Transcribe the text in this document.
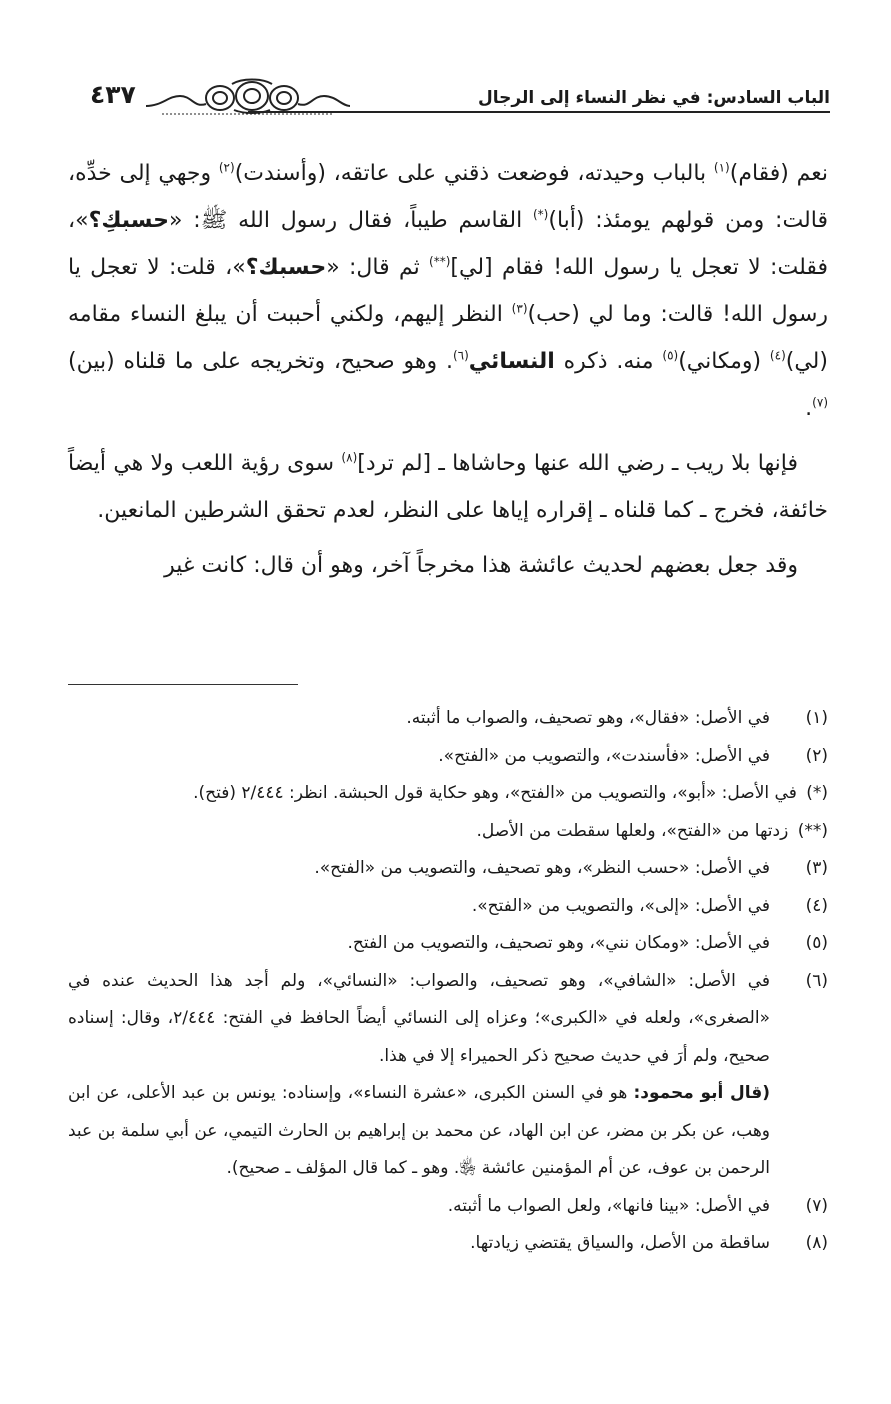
الباب السادس: في نظر النساء إلى الرجال
٤٣٧

نعم (فقام)$^{(١)}$ بالباب وحيدته، فوضعت ذقني على عاتقه، (وأسندت)$^{(٢)}$ وجهي إلى خدِّه، قالت: ومن قولهم يومئذ: (أبا)(*) القاسم طيباً، فقال رسول الله ﷺ: «حسبكِ؟»، فقلت: لا تعجل يا رسول الله! فقام [لي](**) ثم قال: «حسبك؟»، قلت: لا تعجل يا رسول الله! قالت: وما لي (حب)$^{(٣)}$ النظر إليهم، ولكني أحببت أن يبلغ النساء مقامه (لي)$^{(٤)}$ (ومكاني)$^{(٥)}$ منه. ذكره النسائي$^{(٦)}$. وهو صحيح، وتخريجه على ما قلناه (بين)$^{(٧)}$.

فإنها بلا ريب ـ رضي الله عنها وحاشاها ـ [لم ترد]$^{(٨)}$ سوى رؤية اللعب ولا هي أيضاً خائفة، فخرج ـ كما قلناه ـ إقراره إياها على النظر، لعدم تحقق الشرطين المانعين.

وقد جعل بعضهم لحديث عائشة هذا مخرجاً آخر، وهو أن قال: كانت غير

(١)
في الأصل: «فقال»، وهو تصحيف، والصواب ما أثبته.
(٢)
في الأصل: «فأسندت»، والتصويب من «الفتح».
(*) في الأصل: «أبو»، والتصويب من «الفتح»، وهو حكاية قول الحبشة. انظر: ٢/٤٤٤ (فتح).
(**) زدتها من «الفتح»، ولعلها سقطت من الأصل.
(٣)
في الأصل: «حسب النظر»، وهو تصحيف، والتصويب من «الفتح».
(٤)
في الأصل: «إلى»، والتصويب من «الفتح».
(٥)
في الأصل: «ومكان نني»، وهو تصحيف، والتصويب من الفتح.
(٦)
في الأصل: «الشافي»، وهو تصحيف، والصواب: «النسائي»، ولم أجد هذا الحديث عنده في «الصغرى»، ولعله في «الكبرى»؛ وعزاه إلى النسائي أيضاً الحافظ في الفتح: ٢/٤٤٤، وقال: إسناده صحيح، ولم أرَ في حديث صحيح ذكر الحميراء إلا في هذا.
(قال أبو محمود: هو في السنن الكبرى، «عشرة النساء»، وإسناده: يونس بن عبد الأعلى، عن ابن وهب، عن بكر بن مضر، عن ابن الهاد، عن محمد بن إبراهيم بن الحارث التيمي، عن أبي سلمة بن عبد الرحمن بن عوف، عن أم المؤمنين عائشة ﵂. وهو ـ كما قال المؤلف ـ صحيح).
(٧)
في الأصل: «بينا فانها»، ولعل الصواب ما أثبته.
(٨)
ساقطة من الأصل، والسياق يقتضي زيادتها.
